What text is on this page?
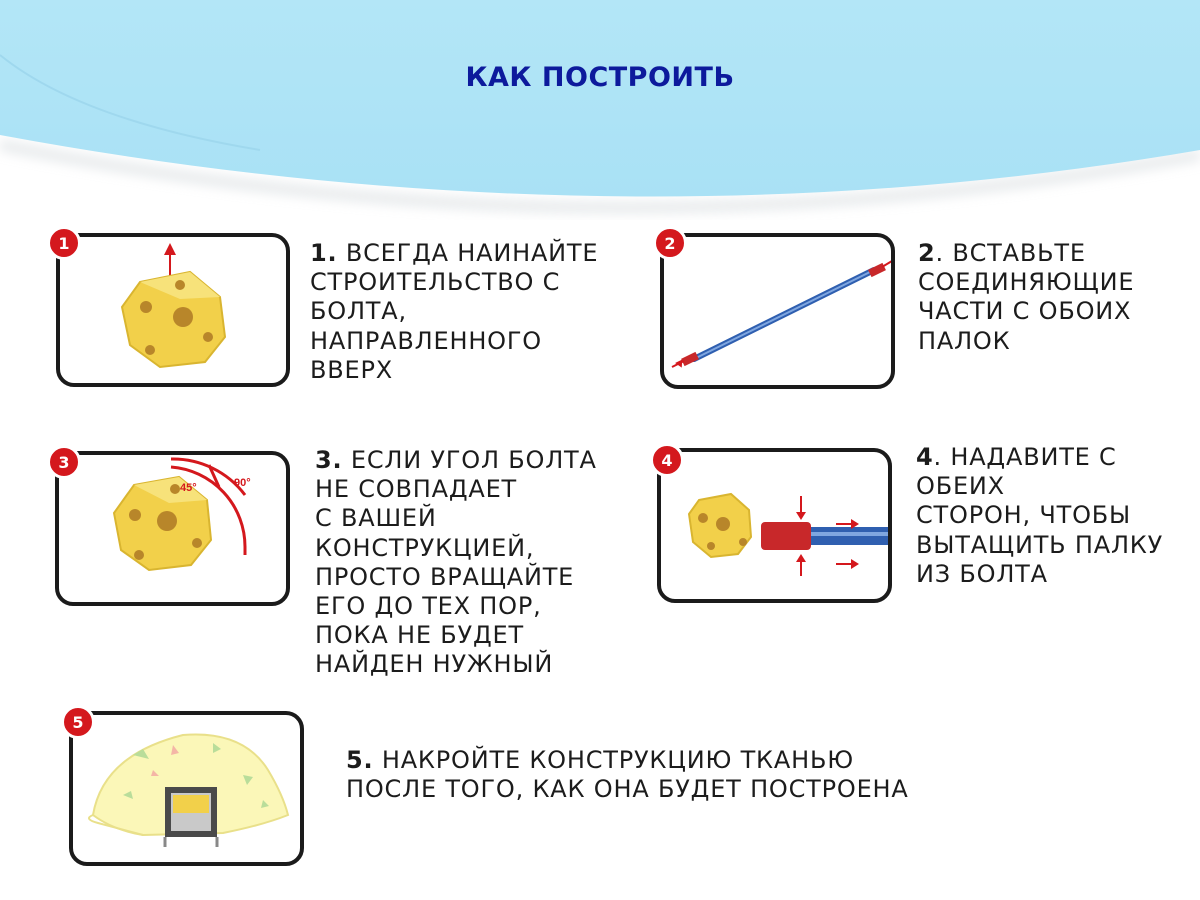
КАК ПОСТРОИТЬ
1	1. ВСЕГДА НАИНАЙТЕ
СТРОИТЕЛЬСТВО С
БОЛТА,
НАПРАВЛЕННОГО
ВВЕРХ
2	2. ВСТАВЬТЕ
СОЕДИНЯЮЩИЕ
ЧАСТИ С ОБОИХ
ПАЛОК
3
45°	90°
3. ЕСЛИ УГОЛ БОЛТА
НЕ СОВПАДАЕТ
С ВАШЕЙ
КОНСТРУКЦИЕЙ,
ПРОСТО ВРАЩАЙТЕ
ЕГО ДО ТЕХ ПОР,
ПОКА НЕ БУДЕТ
НАЙДЕН НУЖНЫЙ
4	4. НАДАВИТЕ С ОБЕИХ
СТОРОН, ЧТОБЫ
ВЫТАЩИТЬ ПАЛКУ
ИЗ БОЛТА
5
5. НАКРОЙТЕ КОНСТРУКЦИЮ ТКАНЬЮ
ПОСЛЕ ТОГО, КАК ОНА БУДЕТ ПОСТРОЕНА
